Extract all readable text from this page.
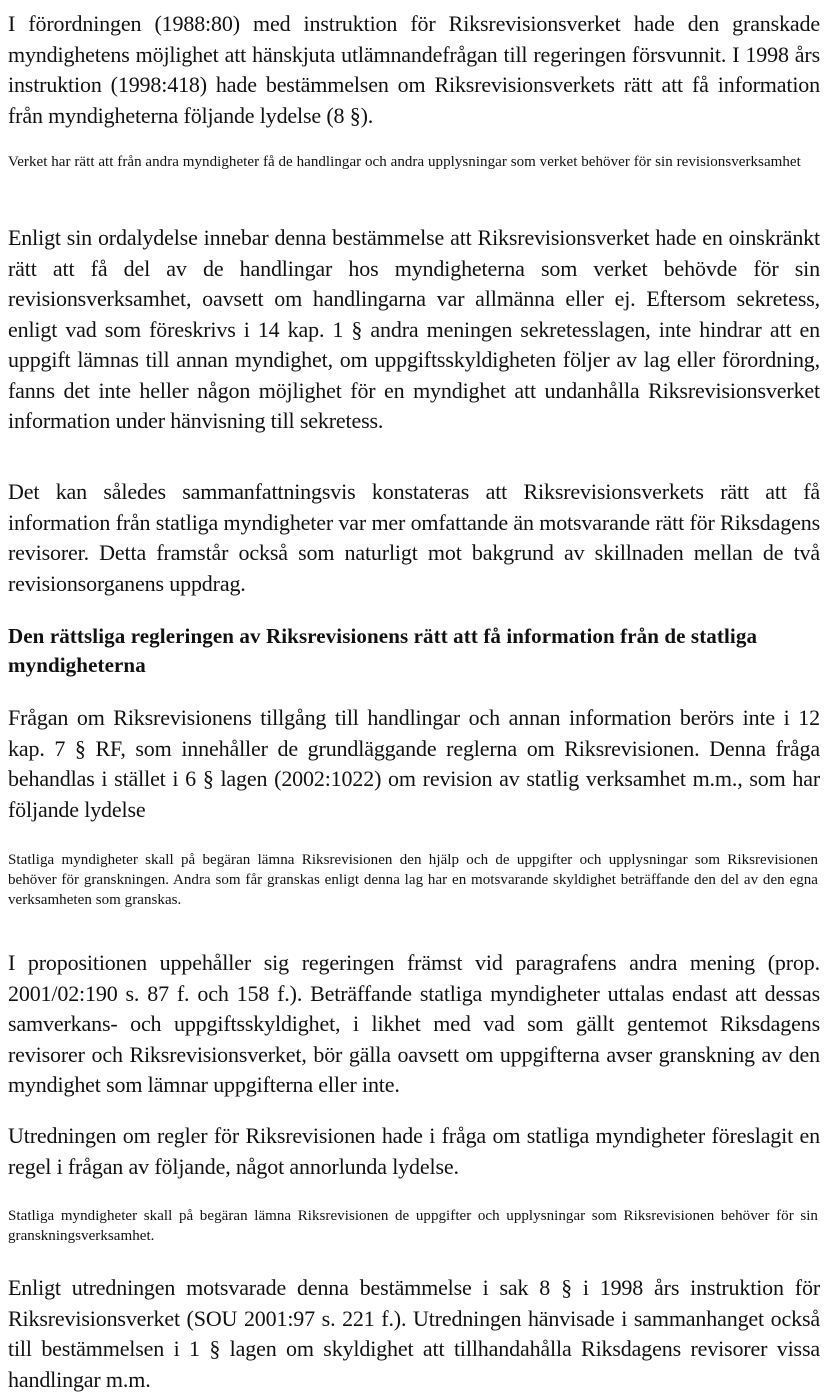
I förordningen (1988:80) med instruktion för Riksrevisionsverket hade den granskade myndighetens möjlighet att hänskjuta utlämnandefrågan till regeringen försvunnit. I 1998 års instruktion (1998:418) hade bestämmelsen om Riksrevisionsverkets rätt att få information från myndigheterna följande lydelse (8 §).

Verket har rätt att från andra myndigheter få de handlingar och andra upplysningar som verket behöver för sin revisionsverksamhet

Enligt sin ordalydelse innebar denna bestämmelse att Riksrevisionsverket hade en oinskränkt rätt att få del av de handlingar hos myndigheterna som verket behövde för sin revisionsverksamhet, oavsett om handlingarna var allmänna eller ej. Eftersom sekretess, enligt vad som föreskrivs i 14 kap. 1 § andra meningen sekretesslagen, inte hindrar att en uppgift lämnas till annan myndighet, om uppgiftsskyldigheten följer av lag eller förordning, fanns det inte heller någon möjlighet för en myndighet att undanhålla Riksrevisionsverket information under hänvisning till sekretess.

Det kan således sammanfattningsvis konstateras att Riksrevisionsverkets rätt att få information från statliga myndigheter var mer omfattande än motsvarande rätt för Riksdagens revisorer. Detta framstår också som naturligt mot bakgrund av skillnaden mellan de två revisionsorganens uppdrag.

Den rättsliga regleringen av Riksrevisionens rätt att få information från de statliga myndigheterna

Frågan om Riksrevisionens tillgång till handlingar och annan information berörs inte i 12 kap. 7 § RF, som innehåller de grundläggande reglerna om Riksrevisionen. Denna fråga behandlas i stället i 6 § lagen (2002:1022) om revision av statlig verksamhet m.m., som har följande lydelse

Statliga myndigheter skall på begäran lämna Riksrevisionen den hjälp och de uppgifter och upplysningar som Riksrevisionen behöver för granskningen. Andra som får granskas enligt denna lag har en motsvarande skyldighet beträffande den del av den egna verksamheten som granskas.

I propositionen uppehåller sig regeringen främst vid paragrafens andra mening (prop. 2001/02:190 s. 87 f. och 158 f.). Beträffande statliga myndigheter uttalas endast att dessas samverkans- och uppgiftsskyldighet, i likhet med vad som gällt gentemot Riksdagens revisorer och Riksrevisionsverket, bör gälla oavsett om uppgifterna avser granskning av den myndighet som lämnar uppgifterna eller inte.

Utredningen om regler för Riksrevisionen hade i fråga om statliga myndigheter föreslagit en regel i frågan av följande, något annorlunda lydelse.

Statliga myndigheter skall på begäran lämna Riksrevisionen de uppgifter och upplysningar som Riksrevisionen behöver för sin granskningsverksamhet.

Enligt utredningen motsvarade denna bestämmelse i sak 8 § i 1998 års instruktion för Riksrevisionsverket (SOU 2001:97 s. 221 f.). Utredningen hänvisade i sammanhanget också till bestämmelsen i 1 § lagen om skyldighet att tillhandahålla Riksdagens revisorer vissa handlingar m.m.
